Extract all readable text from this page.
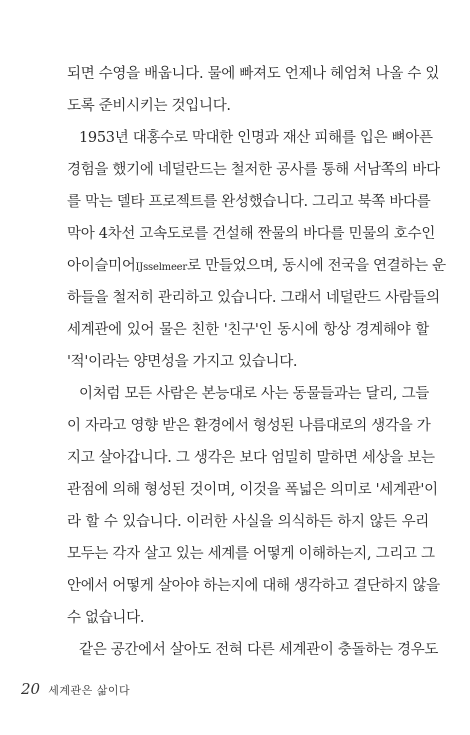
되면 수영을 배웁니다. 물에 빠져도 언제나 헤엄쳐 나올 수 있
도록 준비시키는 것입니다.
1953년 대홍수로 막대한 인명과 재산 피해를 입은 뼈아픈
경험을 했기에 네덜란드는 철저한 공사를 통해 서남쪽의 바다
를 막는 델타 프로젝트를 완성했습니다. 그리고 북쪽 바다를
막아 4차선 고속도로를 건설해 짠물의 바다를 민물의 호수인
아이슬미어IJsselmeer로 만들었으며, 동시에 전국을 연결하는 운
하들을 철저히 관리하고 있습니다. 그래서 네덜란드 사람들의
세계관에 있어 물은 친한 '친구'인 동시에 항상 경계해야 할
'적'이라는 양면성을 가지고 있습니다.
이처럼 모든 사람은 본능대로 사는 동물들과는 달리, 그들
이 자라고 영향 받은 환경에서 형성된 나름대로의 생각을 가
지고 살아갑니다. 그 생각은 보다 엄밀히 말하면 세상을 보는
관점에 의해 형성된 것이며, 이것을 폭넓은 의미로 '세계관'이
라 할 수 있습니다. 이러한 사실을 의식하든 하지 않든 우리
모두는 각자 살고 있는 세계를 어떻게 이해하는지, 그리고 그
안에서 어떻게 살아야 하는지에 대해 생각하고 결단하지 않을
수 없습니다.
같은 공간에서 살아도 전혀 다른 세계관이 충돌하는 경우도
20 세계관은 삶이다
